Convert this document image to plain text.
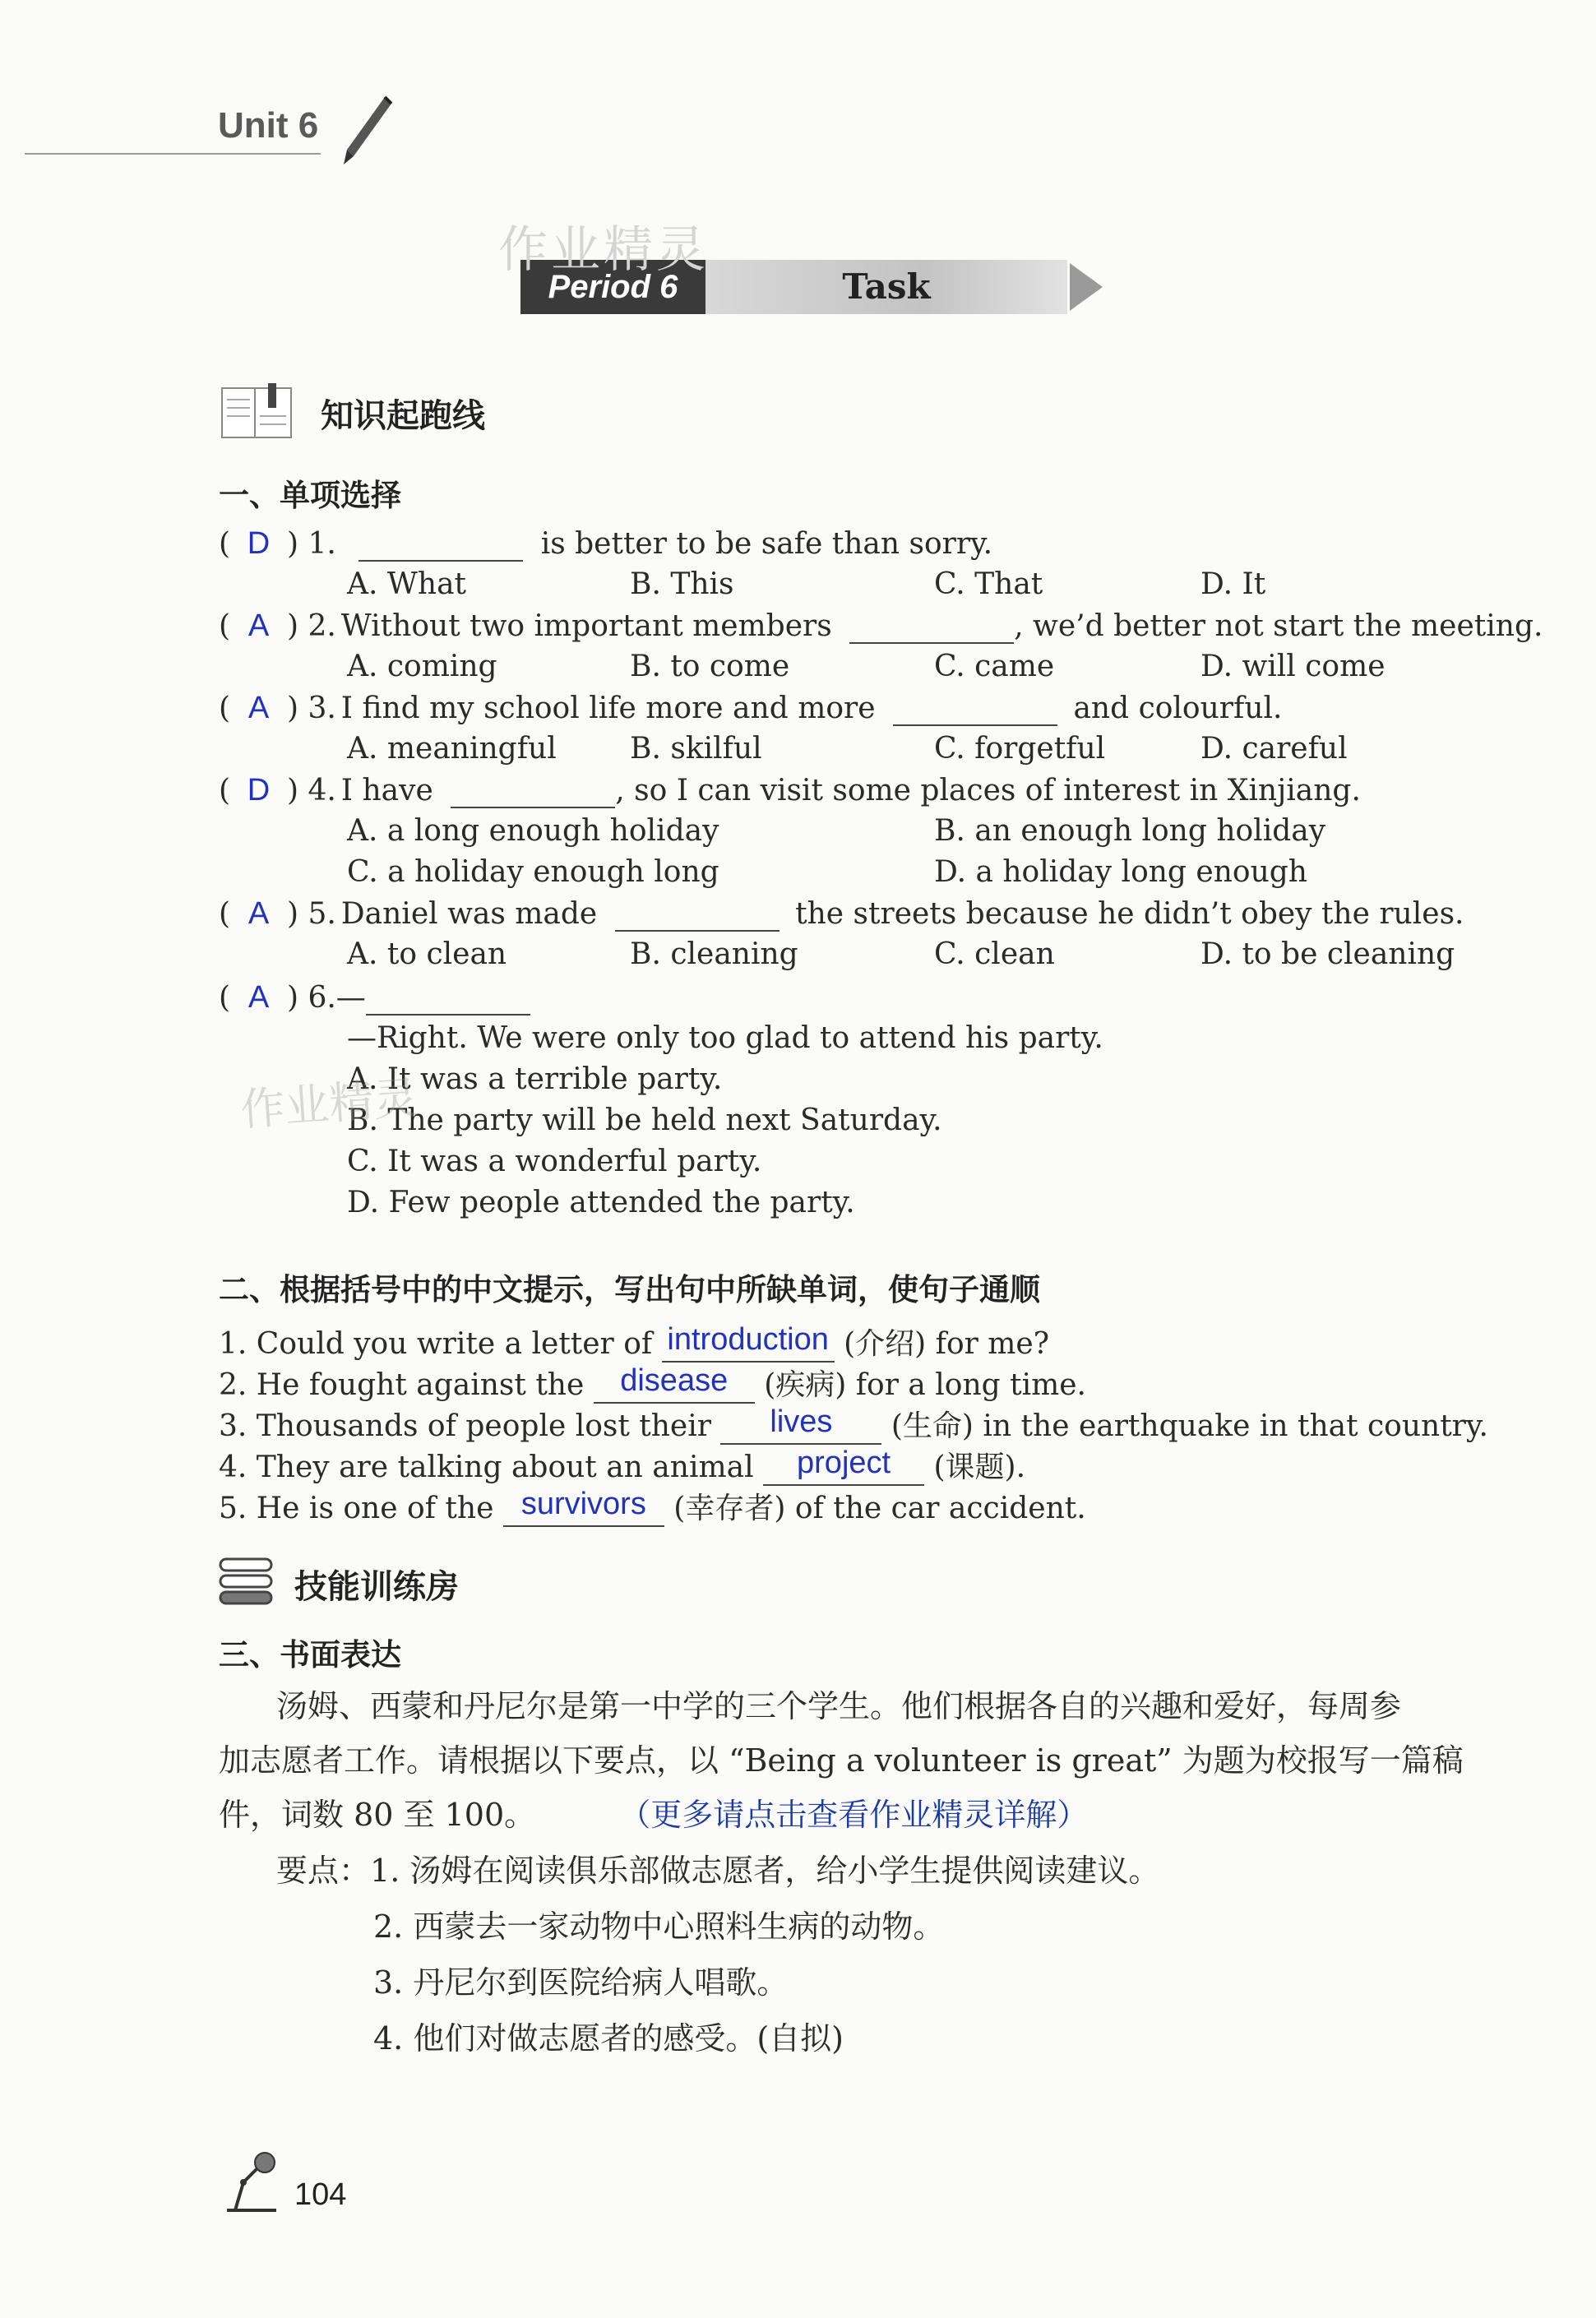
Unit 6
Period 6	Task
作业精灵
知识起跑线
一、单项选择
( D ) 1.	is better to be safe than sorry.
A. What	B. This	C. That	D. It
( A ) 2. Without two important members	, we’d better not start the meeting.
A. coming	B. to come	C. came	D. will come
( A ) 3. I find my school life more and more	and colourful.
A. meaningful B. skilful	C. forgetful	D. careful
( D ) 4. I have	, so I can visit some places of interest in Xinjiang.
A. a long enough holiday	B. an enough long holiday
C. a holiday enough long	D. a holiday long enough
( A ) 5. Daniel was made	the streets because he didn’t obey the rules.
A. to clean	B. cleaning	C. clean	D. to be cleaning
( A ) 6.—
—Right. We were only too glad to attend his party.
A. It was a terrible party.
B. The party will be held next Saturday.
C. It was a wonderful party.
D. Few people attended the party.
作业精灵
二、根据括号中的中文提示，写出句中所缺单词，使句子通顺
1. Could you write a letter of introduction (介绍) for me?
2. He fought against the	disease	(疾病) for a long time.
3. Thousands of people lost their	lives	(生命) in the earthquake in that country.
4. They are talking about an animal	project	(课题).
5. He is one of the survivors (幸存者) of the car accident.
技能训练房
三、书面表达
汤姆、西蒙和丹尼尔是第一中学的三个学生。他们根据各自的兴趣和爱好，每周参
加志愿者工作。请根据以下要点，以 “Being a volunteer is great” 为题为校报写一篇稿
件，词数 80 至 100。	（更多请点击查看作业精灵详解）
要点：1. 汤姆在阅读俱乐部做志愿者，给小学生提供阅读建议。
2. 西蒙去一家动物中心照料生病的动物。
3. 丹尼尔到医院给病人唱歌。
4. 他们对做志愿者的感受。(自拟)
104
